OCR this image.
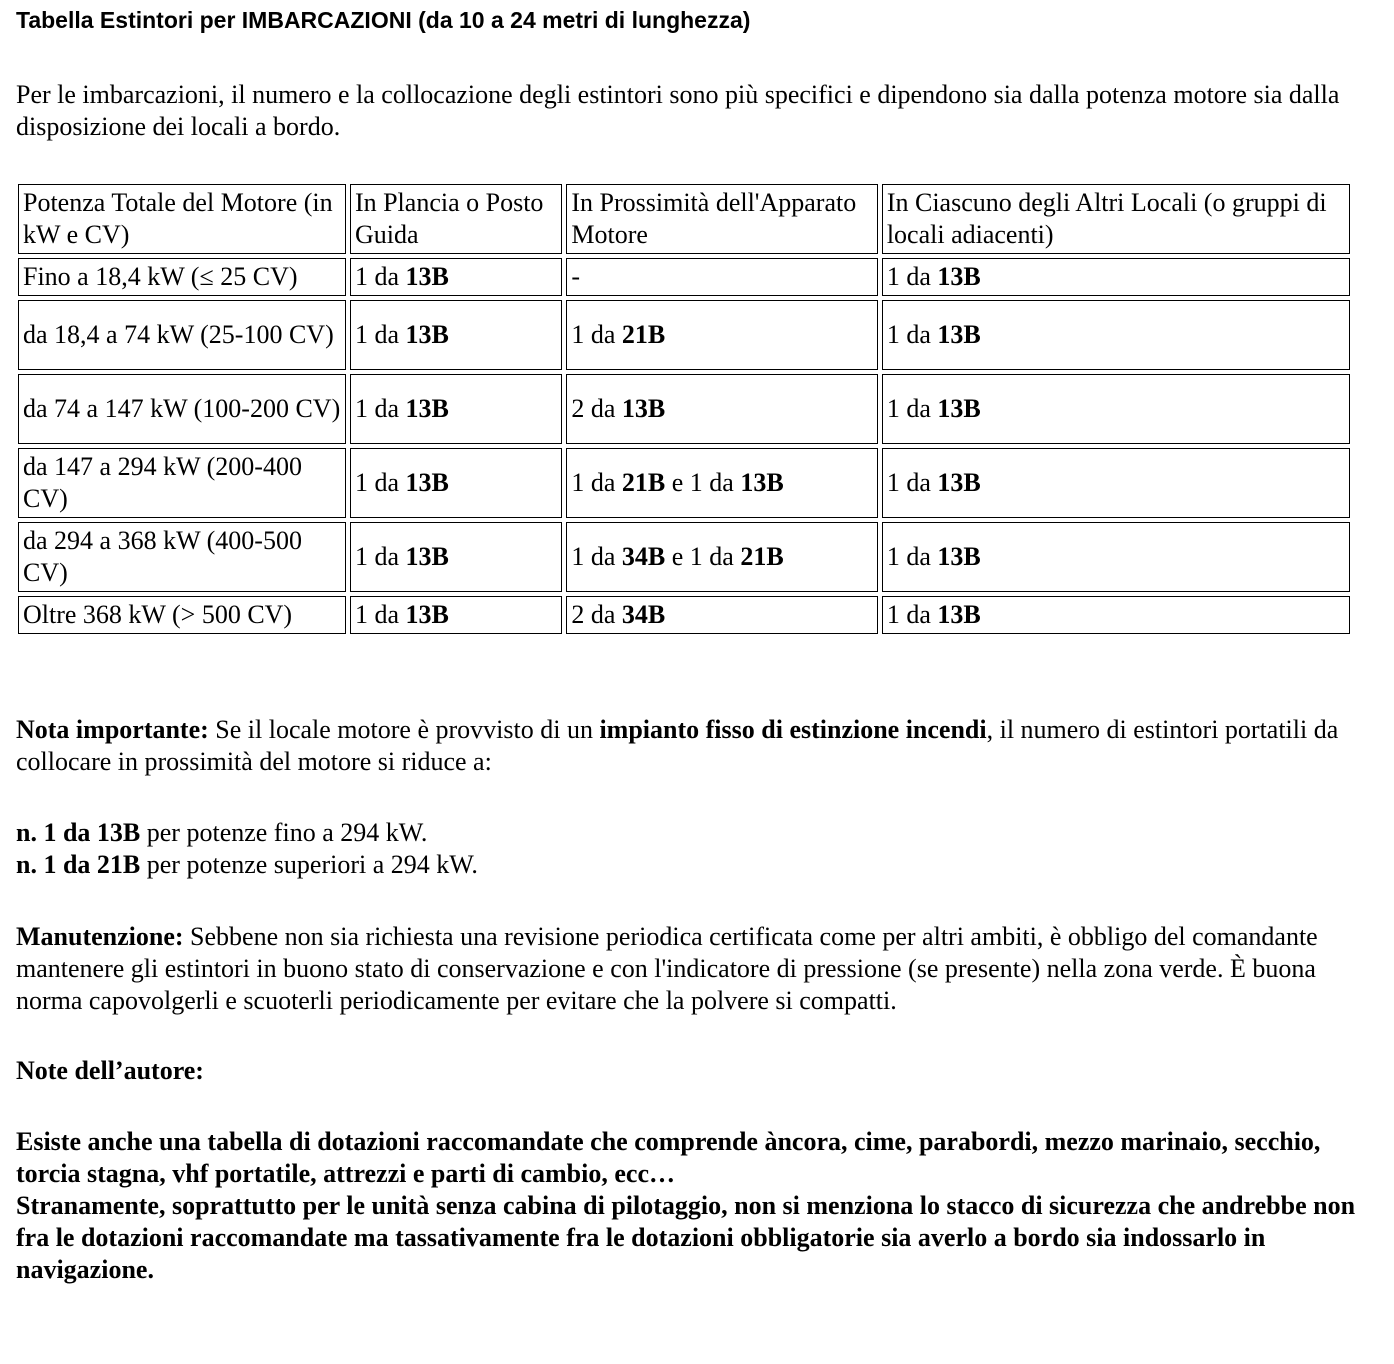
Tabella Estintori per IMBARCAZIONI (da 10 a 24 metri di lunghezza)

Per le imbarcazioni, il numero e la collocazione degli estintori sono più specifici e dipendono sia dalla potenza motore sia dalla disposizione dei locali a bordo.

Potenza Totale del Motore (in kW e CV)	In Plancia o Posto Guida	In Prossimità dell'Apparato Motore	In Ciascuno degli Altri Locali (o gruppi di locali adiacenti)
Fino a 18,4 kW (≤ 25 CV)	1 da 13B	-	1 da 13B
da 18,4 a 74 kW (25-100 CV)	1 da 13B	1 da 21B	1 da 13B
da 74 a 147 kW (100-200 CV)	1 da 13B	2 da 13B	1 da 13B
da 147 a 294 kW (200-400 CV)	1 da 13B	1 da 21B e 1 da 13B	1 da 13B
da 294 a 368 kW (400-500 CV)	1 da 13B	1 da 34B e 1 da 21B	1 da 13B
Oltre 368 kW (> 500 CV)	1 da 13B	2 da 34B	1 da 13B

Nota importante: Se il locale motore è provvisto di un impianto fisso di estinzione incendi, il numero di estintori portatili da collocare in prossimità del motore si riduce a:

n. 1 da 13B per potenze fino a 294 kW.
n. 1 da 21B per potenze superiori a 294 kW.

Manutenzione: Sebbene non sia richiesta una revisione periodica certificata come per altri ambiti, è obbligo del comandante mantenere gli estintori in buono stato di conservazione e con l'indicatore di pressione (se presente) nella zona verde. È buona norma capovolgerli e scuoterli periodicamente per evitare che la polvere si compatti.

Note dell’autore:

Esiste anche una tabella di dotazioni raccomandate che comprende àncora, cime, parabordi, mezzo marinaio, secchio, torcia stagna, vhf portatile, attrezzi e parti di cambio, ecc…
Stranamente, soprattutto per le unità senza cabina di pilotaggio, non si menziona lo stacco di sicurezza che andrebbe non fra le dotazioni raccomandate ma tassativamente fra le dotazioni obbligatorie sia averlo a bordo sia indossarlo in navigazione.
